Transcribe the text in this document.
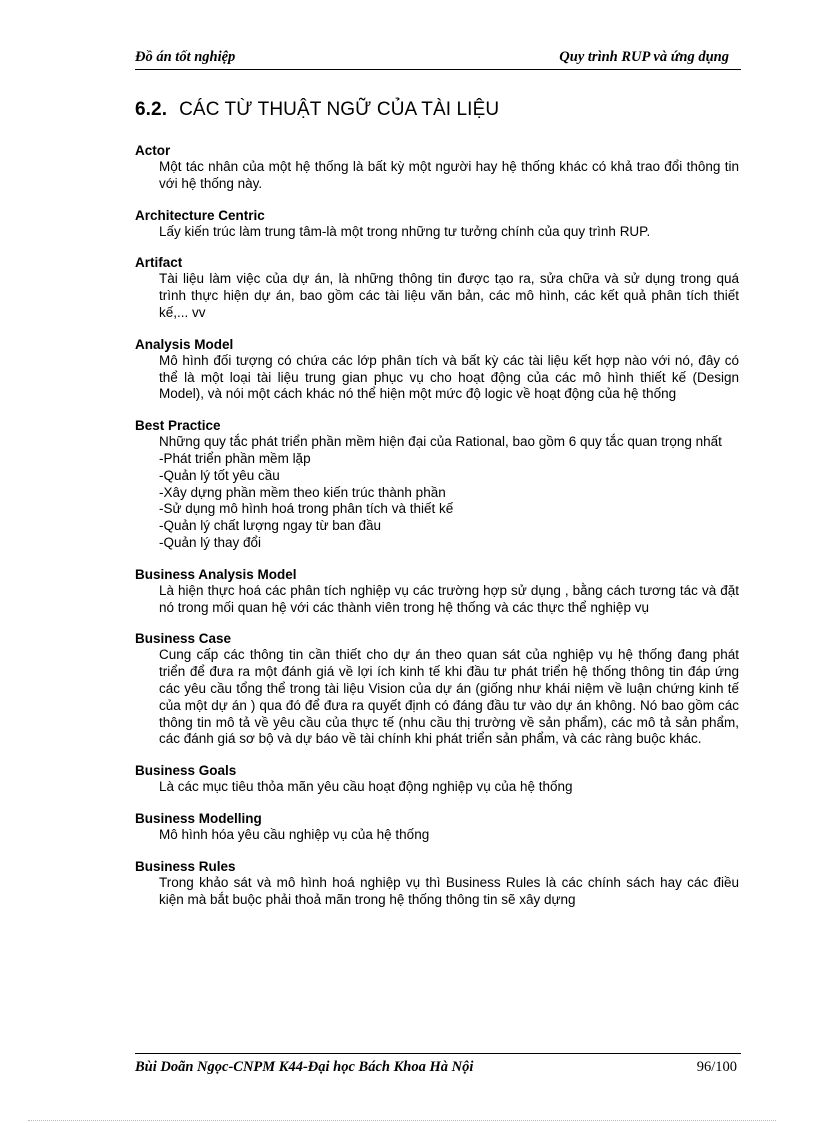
Đồ án tốt nghiệp	Quy trình RUP và ứng dụng
6.2. CÁC TỪ THUẬT NGỮ CỦA TÀI LIỆU
Actor
Một tác nhân của một hệ thống là bất kỳ một người hay hệ thống khác có khả trao đổi thông tin với hệ thống này.
Architecture Centric
Lấy kiến trúc làm trung tâm-là một trong những tư tưởng chính của quy trình RUP.
Artifact
Tài liệu làm việc của dự án, là những thông tin được tạo ra, sửa chữa và sử dụng trong quá trình thực hiện dự án, bao gồm các tài liệu văn bản, các mô hình, các kết quả phân tích thiết kế,... vv
Analysis Model
Mô hình đối tượng có chứa các lớp phân tích và bất kỳ các tài liệu kết hợp nào với nó, đây có thể là một loại tài liệu trung gian phục vụ cho hoạt động của các mô hình thiết kế (Design Model), và nói một cách khác nó thể hiện một mức độ logic về hoạt động của hệ thống
Best Practice
Những quy tắc phát triển phần mềm hiện đại của Rational, bao gồm 6 quy tắc quan trọng nhất
-Phát triển phần mềm lặp
-Quản lý tốt yêu cầu
-Xây dựng phần mềm theo kiến trúc thành phần
-Sử dụng mô hình hoá trong phân tích và thiết kế
-Quản lý chất lượng ngay từ ban đầu
-Quản lý thay đổi
Business Analysis Model
Là hiện thực hoá các phân tích nghiệp vụ các trường hợp sử dụng , bằng cách tương tác và đặt nó trong mối quan hệ với các thành viên trong hệ thống và các thực thể nghiệp vụ
Business Case
Cung cấp các thông tin cần thiết cho dự án theo quan sát của nghiệp vụ hệ thống đang phát triển để đưa ra một đánh giá về lợi ích kinh tế khi đầu tư phát triển hệ thống thông tin đáp ứng các yêu cầu tổng thể trong tài liệu Vision của dự án (giống như khái niệm về luận chứng kinh tế của một dự án ) qua đó để đưa ra quyết định có đáng đầu tư vào dự án không. Nó bao gồm các thông tin mô tả về yêu cầu của thực tế (nhu cầu thị trường về sản phẩm), các mô tả sản phẩm, các đánh giá sơ bộ và dự báo về tài chính khi phát triển sản phẩm, và các ràng buộc khác.
Business Goals
Là các mục tiêu thỏa mãn yêu cầu hoạt động nghiệp vụ của hệ thống
Business Modelling
Mô hình hóa yêu cầu nghiệp vụ của hệ thống
Business Rules
Trong khảo sát và mô hình hoá nghiệp vụ thì Business Rules là các chính sách hay các điều kiện mà bắt buộc phải thoả mãn trong hệ thống thông tin sẽ xây dựng
Bùi Doãn Ngọc-CNPM K44-Đại học Bách Khoa Hà Nội	96/100
